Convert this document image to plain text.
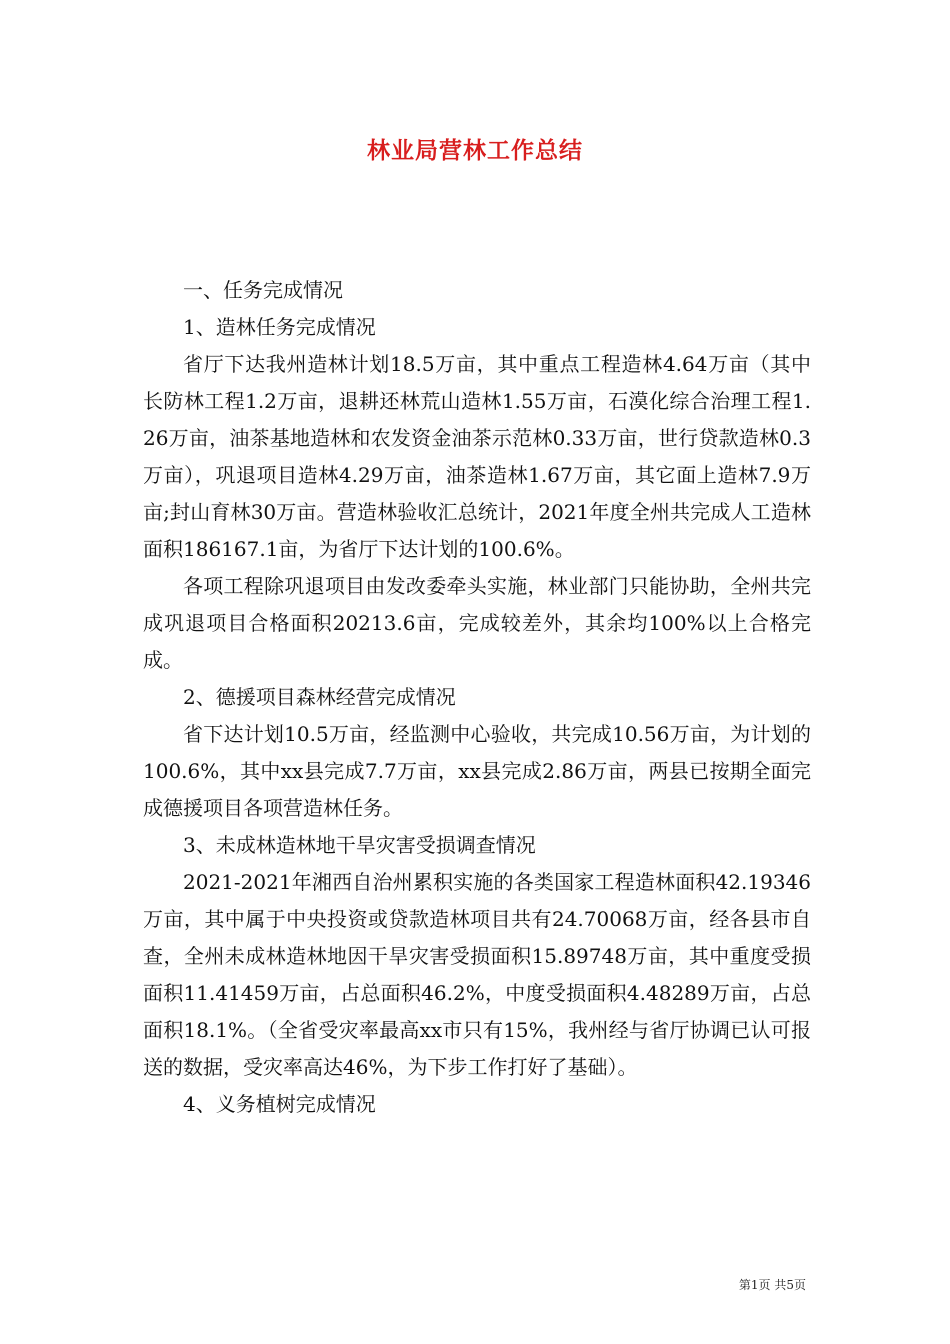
林业局营林工作总结

一、任务完成情况

1、造林任务完成情况

省厅下达我州造林计划18.5万亩，其中重点工程造林4.64万亩（其中长防林工程1.2万亩，退耕还林荒山造林1.55万亩，石漠化综合治理工程1.26万亩，油茶基地造林和农发资金油茶示范林0.33万亩，世行贷款造林0.3万亩），巩退项目造林4.29万亩，油茶造林1.67万亩，其它面上造林7.9万亩;封山育林30万亩。营造林验收汇总统计，2021年度全州共完成人工造林面积186167.1亩，为省厅下达计划的100.6%。

各项工程除巩退项目由发改委牵头实施，林业部门只能协助，全州共完成巩退项目合格面积20213.6亩，完成较差外，其余均100%以上合格完成。

2、德援项目森林经营完成情况

省下达计划10.5万亩，经监测中心验收，共完成10.56万亩，为计划的100.6%，其中xx县完成7.7万亩，xx县完成2.86万亩，两县已按期全面完成德援项目各项营造林任务。

3、未成林造林地干旱灾害受损调查情况

2021-2021年湘西自治州累积实施的各类国家工程造林面积42.19346万亩，其中属于中央投资或贷款造林项目共有24.70068万亩，经各县市自查，全州未成林造林地因干旱灾害受损面积15.89748万亩，其中重度受损面积11.41459万亩，占总面积46.2%，中度受损面积4.48289万亩，占总面积18.1%。（全省受灾率最高xx市只有15%，我州经与省厅协调已认可报送的数据，受灾率高达46%，为下步工作打好了基础）。

4、义务植树完成情况

第1页 共5页
